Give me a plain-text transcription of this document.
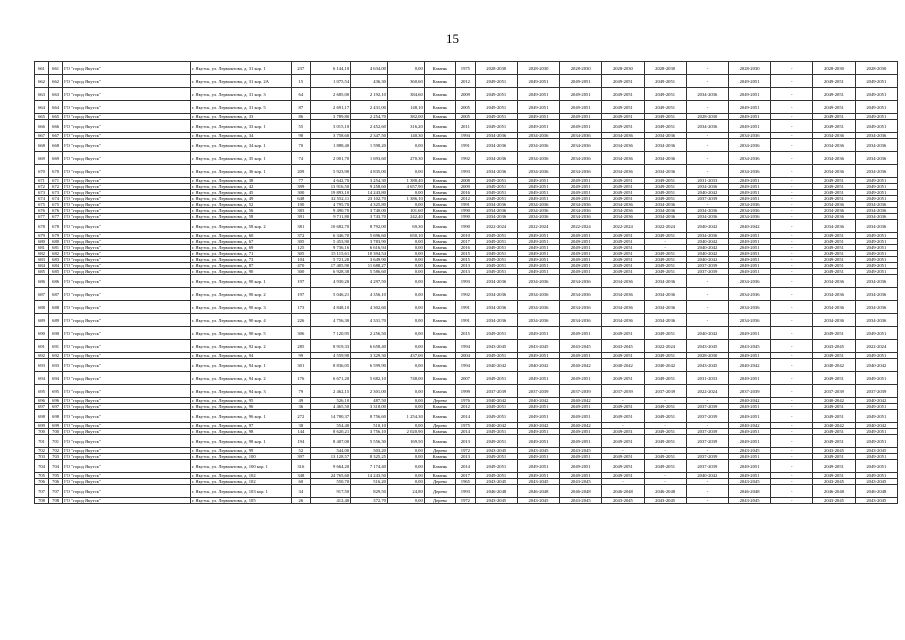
15
661	661	ГО "город Якутск"	г. Якутск, ул. Лермонтова, д. 31 кор. 1	237	6 144,10	4 634,00	0,00	Камень	1975	2028-2030	2028-2030	2028-2030	2028-2030	2028-2030	-	2028-2030	-	2028-2030	2028-2030
662	662	ГО "город Якутск"	г. Якутск, ул. Лермонтова, д. 31 кор. 2А	15	1 075,54	436,30	360,60	Камень	2012	2049-2051	2049-2051	2049-2051	2049-2051	2049-2051	-	2049-2051	-	2049-2051	2049-2051
663	663	ГО "город Якутск"	г. Якутск, ул. Лермонтова, д. 31 кор. 3	64	2 685,00	2 192,10	384,60	Камень	2009	2049-2051	2049-2051	2049-2051	2049-2051	2049-2051	2034-2036	2049-2051	-	2049-2051	2049-2051
664	664	ГО "город Якутск"	г. Якутск, ул. Лермонтова, д. 31 кор. 5	87	2 691,17	2 431,00	148,10	Камень	2005	2049-2051	2049-2051	2049-2051	2049-2051	2049-2051	-	2049-2051	-	2049-2051	2049-2051
665	665	ГО "город Якутск"	г. Якутск, ул. Лермонтова, д. 33	86	3 789,80	2 254,70	382,00	Камень	2005	2049-2051	2049-2051	2049-2051	2049-2051	2049-2051	2028-2030	2049-2051	-	2049-2051	2049-2051
666	666	ГО "город Якутск"	г. Якутск, ул. Лермонтова, д. 33 кор. 1	55	3 015,10	2 452,60	316,20	Камень	2011	2049-2051	2049-2051	2049-2051	2049-2051	2049-2051	2034-2036	2049-2051	-	2049-2051	2049-2051
667	667	ГО "город Якутск"	г. Якутск, ул. Лермонтова, д. 34	98	3 758,60	2 347,50	140,30	Камень	1994	2034-2036	2034-2036	2034-2036	2034-2036	2034-2036	-	2034-2036	-	2034-2036	2034-2036
668	668	ГО "город Якутск"	г. Якутск, ул. Лермонтова, д. 34 кор. 1	70	1 888,40	1 598,20	0,00	Камень	1991	2034-2036	2034-2036	2034-2036	2034-2036	2034-2036	-	2034-2036	-	2034-2036	2034-2036
669	669	ГО "город Якутск"	г. Якутск, ул. Лермонтова, д. 35 кор. 1	74	2 001,70	1 693,60	270,30	Камень	1992	2034-2036	2034-2036	2034-2036	2034-2036	2034-2036	-	2034-2036	-	2034-2036	2034-2036
670	670	ГО "город Якутск"	г. Якутск, ул. Лермонтова, д. 36 кор. 1	209	5 923,90	4 835,00	0,00	Камень	1993	2034-2036	2034-2036	2034-2036	2034-2036	2034-2036	-	2034-2036	-	2034-2036	2034-2036
671	671	ГО "город Якутск"	г. Якутск, ул. Лермонтова, д. 38	77	4 642,70	3 254,30	1 388,40	Камень	2008	2049-2051	2049-2051	2049-2051	2049-2051	2049-2051	2031-2033	2049-2051	-	2049-2051	2049-2051
672	672	ГО "город Якутск"	г. Якутск, ул. Лермонтова, д. 42	399	13 916,50	9 258,60	4 657,90	Камень	2009	2049-2051	2049-2051	2049-2051	2049-2051	2049-2051	2034-2036	2049-2051	-	2049-2051	2049-2051
673	673	ГО "город Якутск"	г. Якутск, ул. Лермонтова, д. 45	300	19 893,10	14 243,80	0,00	Камень	2016	2049-2051	2049-2051	2049-2051	2049-2051	2049-2051	2040-2042	2049-2051	-	2049-2051	2049-2051
674	674	ГО "город Якутск"	г. Якутск, ул. Лермонтова, д. 49	648	32 552,11	23 102,70	1 386,10	Камень	2012	2049-2051	2049-2051	2049-2051	2049-2051	2049-2051	2037-2039	2049-2051	-	2049-2051	2049-2051
675	675	ГО "город Якутск"	г. Якутск, ул. Лермонтова, д. 52	190	4 795,70	4 325,80	0,00	Камень	1991	2034-2036	2034-2036	2034-2036	2034-2036	2034-2036	-	2034-2036	-	2034-2036	2034-2036
676	676	ГО "город Якутск"	г. Якутск, ул. Лермонтова, д. 56	383	9 490,70	3 740,00	101,60	Камень	1990	2034-2036	2034-2036	2034-2036	2034-2036	2034-2036	2034-2036	2034-2036	-	2034-2036	2034-2036
677	677	ГО "город Якутск"	г. Якутск, ул. Лермонтова, д. 58	391	9 711,80	3 743,70	242,40	Камень	1990	2034-2036	2034-2036	2034-2036	2034-2036	2034-2036	2034-2036	2034-2036	-	2034-2036	2034-2036
678	678	ГО "город Якутск"	г. Якутск, ул. Лермонтова, д. 58 кор. 2	381	10 682,70	8 792,00	69,30	Камень	1990	2022-2024	2022-2024	2022-2024	2022-2024	2022-2024	2040-2042	2040-2042	-	2034-2036	2034-2036
679	679	ГО "город Якутск"	г. Якутск, ул. Лермонтова, д. 60	372	6 346,70	5 696,60	650,10	Камень	2010	2049-2051	2049-2051	2049-2051	2049-2051	2049-2051	2034-2036	2049-2051	-	2049-2051	2049-2051
680	680	ГО "город Якутск"	г. Якутск, ул. Лермонтова, д. 67	305	5 453,90	3 783,90	0,00	Камень	2017	2049-2051	2049-2051	2049-2051	2049-2051	-	2040-2042	2049-2051	-	2049-2051	2049-2051
681	681	ГО "город Якутск"	г. Якутск, ул. Лермонтова, д. 69	125	9 736,16	6 616,94	0,00	Камень	2016	2049-2051	2049-2051	2049-2051	2049-2051	-	2040-2042	2049-2051	-	2049-2051	2049-2051
682	682	ГО "город Якутск"	г. Якутск, ул. Лермонтова, д. 71	305	15 115,61	10 394,54	0,00	Камень	2015	2049-2051	2049-2051	2049-2051	2049-2051	2049-2051	2040-2042	2049-2051	-	2049-2051	2049-2051
683	683	ГО "город Якутск"	г. Якутск, ул. Лермонтова, д. 73	104	5 721,20	3 649,90	0,00	Камень	2015	2049-2051	2049-2051	2049-2051	2049-2051	2049-2051	2040-2042	2049-2051	-	2049-2051	2049-2051
684	684	ГО "город Якутск"	г. Якутск, ул. Лермонтова, д. 87	470	17 405,90	11 688,27	0,00	Камень	2013	2049-2051	2049-2051	2049-2051	2049-2051	2049-2051	2037-2039	2049-2051	-	2049-2051	2049-2051
685	685	ГО "город Якутск"	г. Якутск, ул. Лермонтова, д. 90	300	6 928,38	5 586,60	0,00	Камень	2013	2049-2051	2049-2051	2049-2051	2049-2051	2049-2051	2037-2039	2049-2051	-	2049-2051	2049-2051
686	686	ГО "город Якутск"	г. Якутск, ул. Лермонтова, д. 90 кор. 1	197	4 930,20	4 297,50	0,00	Камень	1993	2034-2036	2034-2036	2034-2036	2034-2036	2034-2036	-	2034-2036	-	2034-2036	2034-2036
687	687	ГО "город Якутск"	г. Якутск, ул. Лермонтова, д. 90 кор. 2	197	5 046,21	4 356,10	0,00	Камень	1992	2034-2036	2034-2036	2034-2036	2034-2036	2034-2036	-	2034-2036	-	2034-2036	2034-2036
688	688	ГО "город Якутск"	г. Якутск, ул. Лермонтова, д. 90 кор. 3	173	4 848,10	4 302,60	0,00	Камень	1991	2034-2036	2034-2036	2034-2036	2034-2036	2034-2036	-	2034-2036	-	2034-2036	2034-2036
689	689	ГО "город Якутск"	г. Якутск, ул. Лермонтова, д. 90 кор. 4	226	4 756,30	4 331,70	0,00	Камень	1991	2034-2036	2034-2036	2034-2036	2034-2036	2034-2036	-	2034-2036	-	2034-2036	2034-2036
690	690	ГО "город Якутск"	г. Якутск, ул. Лермонтова, д. 90 кор. 5	306	7 120,95	2 256,50	0,00	Камень	2015	2049-2051	2049-2051	2049-2051	2049-2051	2049-2051	2040-2042	2049-2051	-	2049-2051	2049-2051
691	691	ГО "город Якутск"	г. Якутск, ул. Лермонтова, д. 92 кор. 2	285	8 919,33	6 658,40	0,00	Камень	1994	2043-2045	2043-2045	2043-2045	2043-2045	2022-2024	2043-2045	2043-2045	-	2043-2045	2022-2024
692	692	ГО "город Якутск"	г. Якутск, ул. Лермонтова, д. 94	99	4 559,90	3 329,30	437,00	Камень	2004	2049-2051	2049-2051	2049-2051	2049-2051	2049-2051	2028-2030	2049-2051	-	2049-2051	2049-2051
693	693	ГО "город Якутск"	г. Якутск, ул. Лермонтова, д. 94 кор. 1	301	8 836,05	6 599,90	0,00	Камень	1994	2040-2042	2040-2042	2040-2042	2040-2042	2040-2042	2043-2045	2040-2042	-	2040-2042	2040-2042
694	694	ГО "город Якутск"	г. Якутск, ул. Лермонтова, д. 94 кор. 2	176	6 671,20	5 682,10	748,00	Камень	2007	2049-2051	2049-2051	2049-2051	2049-2051	2049-2051	2031-2033	2049-2051	-	2049-2051	2049-2051
695	695	ГО "город Якутск"	г. Якутск, ул. Лермонтова, д. 94 кор. 3	79	2 462,15	2 301,00	0,00	Камень	1999	2037-2039	2037-2039	2037-2039	2037-2039	2037-2039	2022-2024	2037-2039	-	2037-2039	2037-2039
696	696	ГО "город Якутск"	г. Якутск, ул. Лермонтова, д. 95	49	526,10	487,50	0,00	Дерево	1976	2040-2042	2040-2042	2040-2042	-	-	-	2040-2042	-	2040-2042	2040-2042
697	697	ГО "город Якутск"	г. Якутск, ул. Лермонтова, д. 96	36	4 465,50	3 318,00	0,00	Камень	2012	2049-2051	2049-2051	2049-2051	2049-2051	2049-2051	2037-2039	2049-2051	-	2049-2051	2049-2051
698	698	ГО "город Якутск"	г. Якутск, ул. Лермонтова, д. 96 кор. 1	272	14 780,37	8 756,60	1 254,30	Камень	2014	2049-2051	2049-2051	2049-2051	2049-2051	2049-2051	2037-2039	2049-2051	-	2049-2051	2049-2051
699	699	ГО "город Якутск"	г. Якутск, ул. Лермонтова, д. 97	38	554,40	510,10	0,00	Дерево	1975	2040-2042	2040-2042	2040-2042	-	-	-	2040-2042	-	2040-2042	2040-2042
700	700	ГО "город Якутск"	г. Якутск, ул. Лермонтова, д. 98	144	8 620,21	3 756,10	2 020,90	Камень	2014	2049-2051	2049-2051	2049-2051	2049-2051	2049-2051	2037-2039	2049-2051	-	2049-2051	2049-2051
701	701	ГО "город Якутск"	г. Якутск, ул. Лермонтова, д. 98 кор. 1	194	8 407,00	5 556,30	169,50	Камень	2013	2049-2051	2049-2051	2049-2051	2049-2051	2049-2051	2037-2039	2049-2051	-	2049-2051	2049-2051
702	702	ГО "город Якутск"	г. Якутск, ул. Лермонтова, д. 99	52	544,00	503,20	0,00	Дерево	1972	2043-2045	2043-2045	2043-2045	-	-	-	2043-2045	-	2043-2045	2043-2045
703	703	ГО "город Якутск"	г. Якутск, ул. Лермонтова, д. 100	397	13 128,57	8 325,25	0,00	Камень	2013	2049-2051	2049-2051	2049-2051	2049-2051	2049-2051	2037-2039	2049-2051	-	2049-2051	2049-2051
704	704	ГО "город Якутск"	г. Якутск, ул. Лермонтова, д. 100 кор. 1	316	9 664,20	7 174,40	0,00	Камень	2014	2049-2051	2049-2051	2049-2051	2049-2051	2049-2051	2037-2039	2049-2051	-	2049-2051	2049-2051
705	705	ГО "город Якутск"	г. Якутск, ул. Лермонтова, д. 102	348	24 765,60	14 243,50	0,00	Камень	2017	2049-2051	2049-2051	2049-2051	2049-2051	-	2040-2042	2049-2051	-	2049-2051	2049-2051
706	706	ГО "город Якутск"	г. Якутск, ул. Лермонтова, д. 102	60	550,70	516,20	0,00	Дерево	1965	2043-2045	2043-2045	2043-2045	-	-	-	2043-2045	-	2043-2045	2043-2045
707	707	ГО "город Якутск"	г. Якутск, ул. Лермонтова, д. 103 кор. 1	34	917,50	829,50	24,80	Дерево	1993	2046-2048	2046-2048	2046-2048	2046-2048	2046-2048	-	2046-2048	-	2046-2048	2046-2048
708	708	ГО "город Якутск"	г. Якутск, ул. Лермонтова, д. 105	26	412,40	372,70	0,00	Дерево	1972	2043-2045	2043-2045	2043-2045	2043-2045	2043-2045	-	2043-2045	-	2043-2045	2043-2045
